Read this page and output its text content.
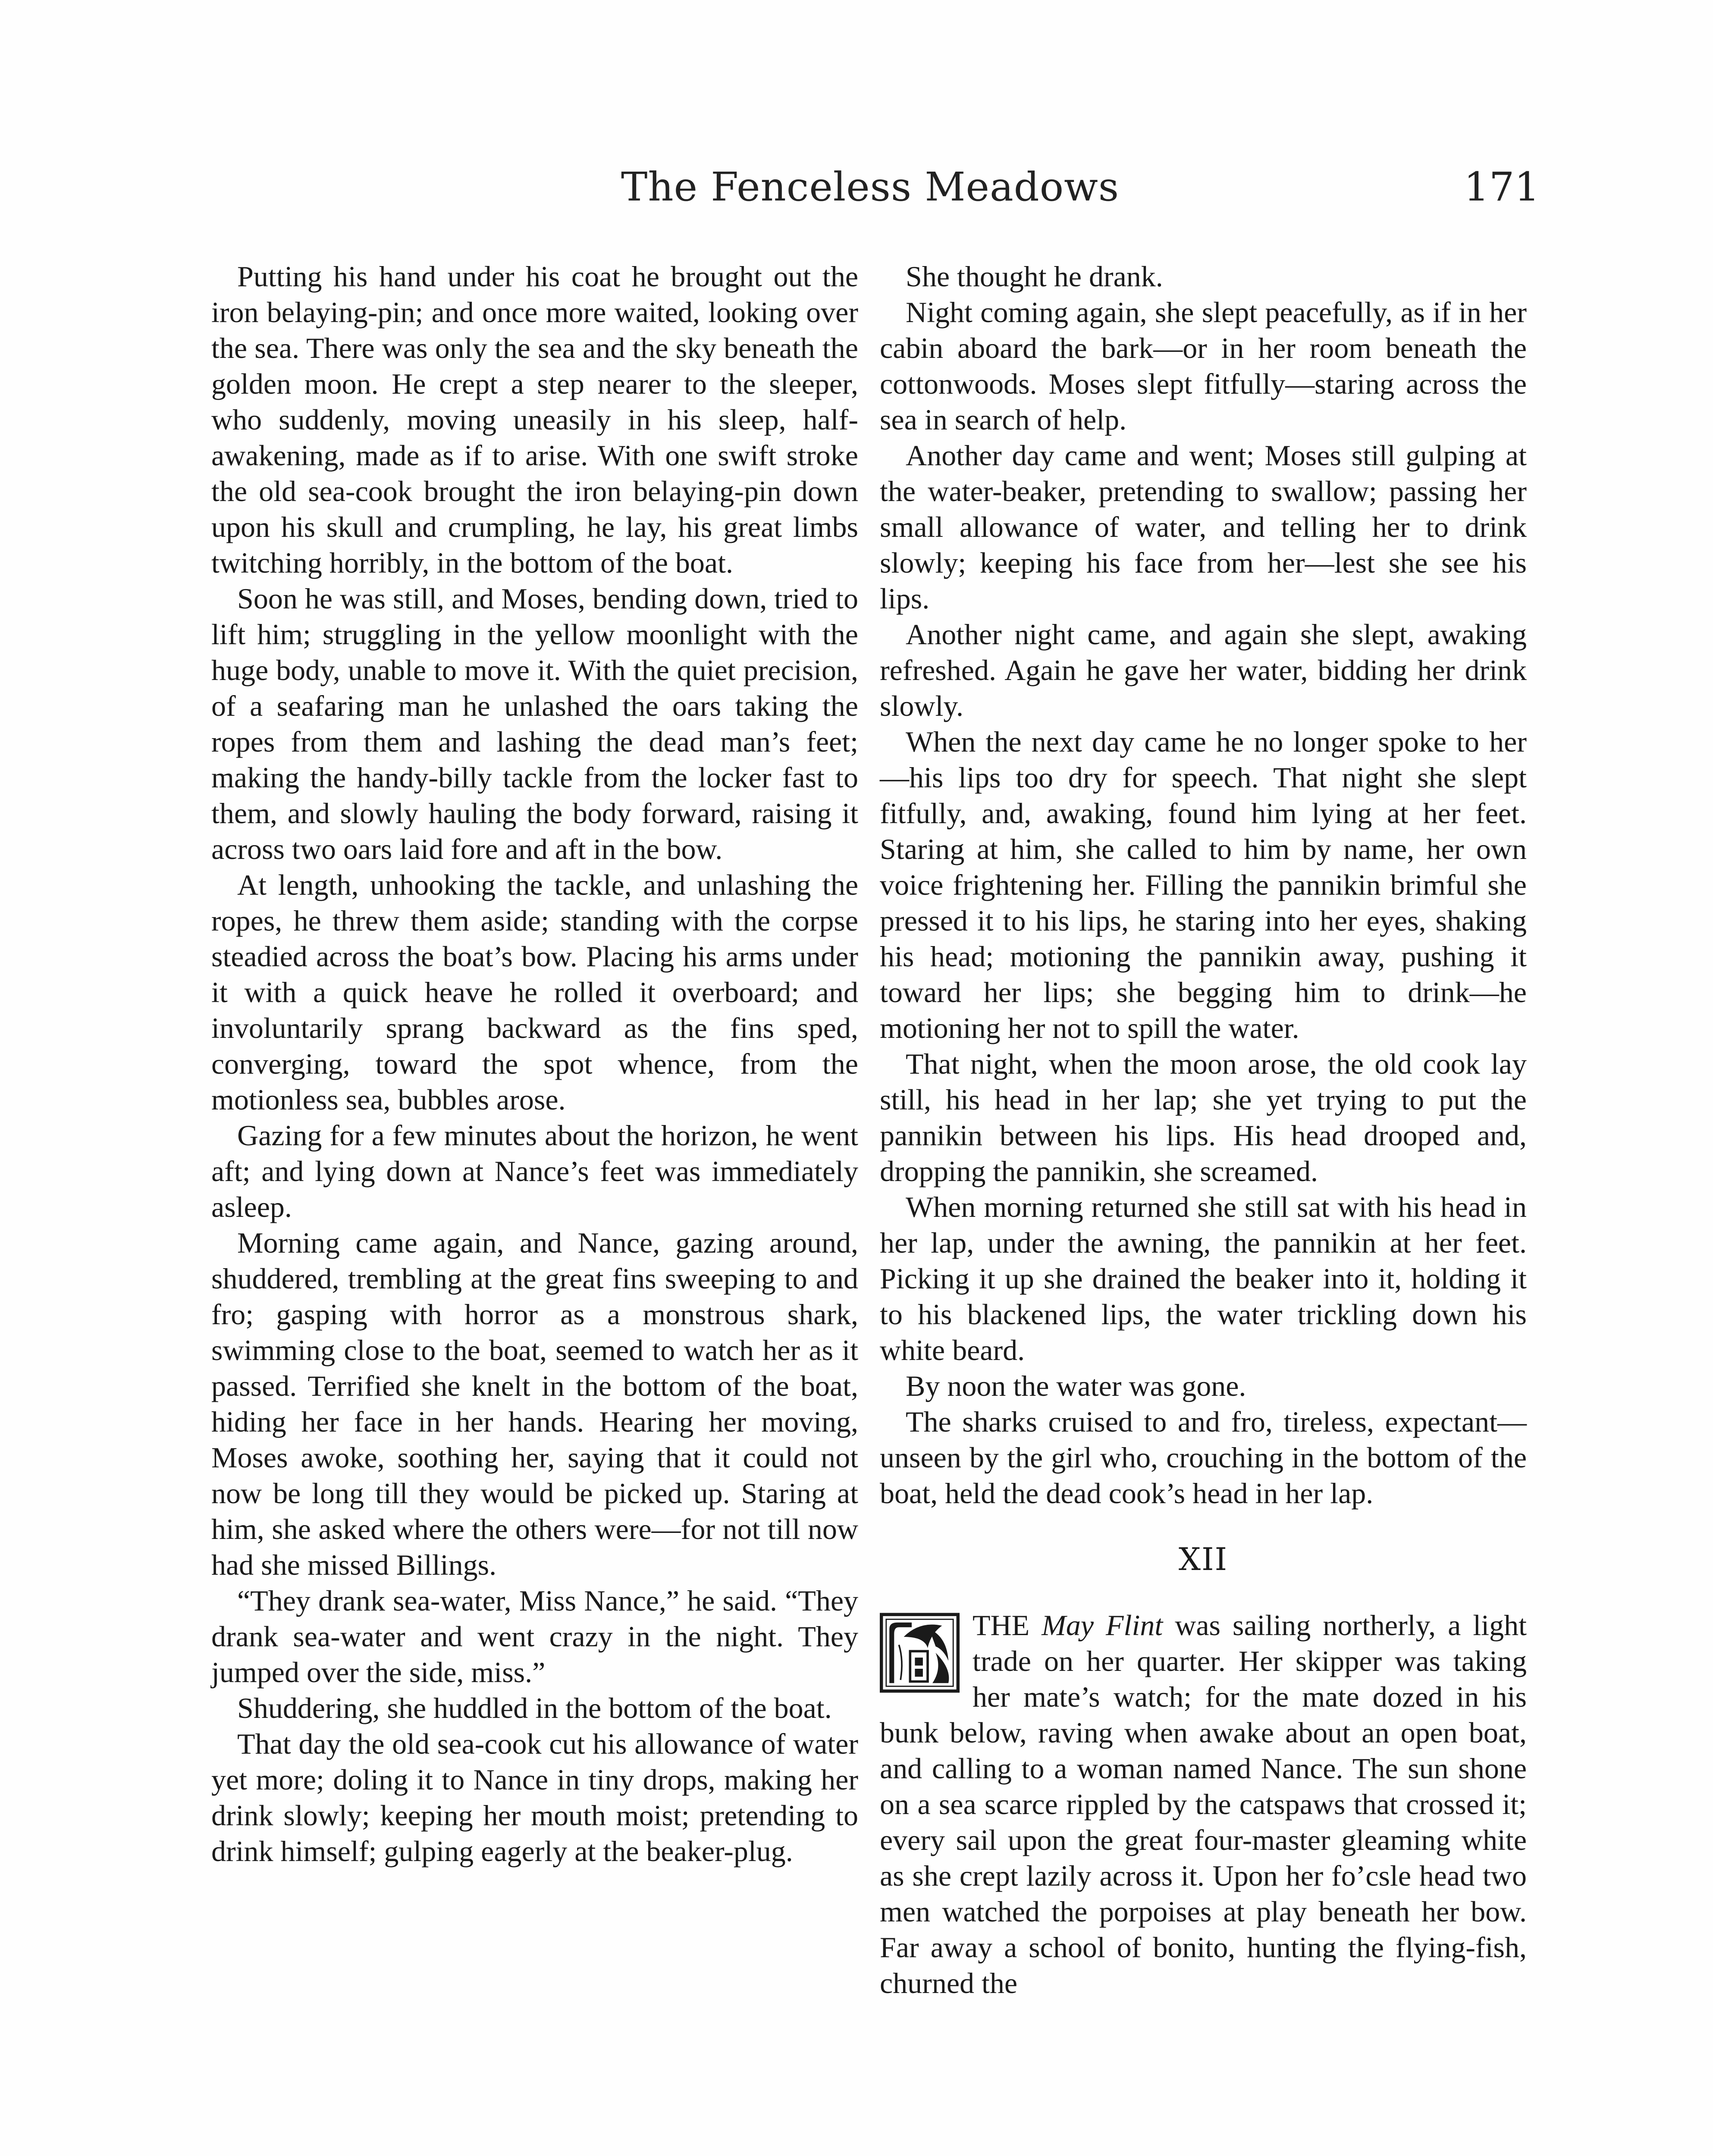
The Fenceless Meadows	171

Putting his hand under his coat he brought out the iron belaying-pin; and once more waited, looking over the sea. There was only the sea and the sky beneath the golden moon. He crept a step nearer to the sleeper, who suddenly, moving uneasily in his sleep, half-awakening, made as if to arise. With one swift stroke the old sea-cook brought the iron belaying-pin down upon his skull and crumpling, he lay, his great limbs twitching horribly, in the bottom of the boat.

Soon he was still, and Moses, bending down, tried to lift him; struggling in the yellow moonlight with the huge body, unable to move it. With the quiet precision, of a seafaring man he unlashed the oars taking the ropes from them and lashing the dead man’s feet; making the handy-billy tackle from the locker fast to them, and slowly hauling the body forward, raising it across two oars laid fore and aft in the bow.

At length, unhooking the tackle, and unlashing the ropes, he threw them aside; standing with the corpse steadied across the boat’s bow. Placing his arms under it with a quick heave he rolled it overboard; and involuntarily sprang backward as the fins sped, converging, toward the spot whence, from the motionless sea, bubbles arose.

Gazing for a few minutes about the horizon, he went aft; and lying down at Nance’s feet was immediately asleep.

Morning came again, and Nance, gazing around, shuddered, trembling at the great fins sweeping to and fro; gasping with horror as a monstrous shark, swimming close to the boat, seemed to watch her as it passed. Terrified she knelt in the bottom of the boat, hiding her face in her hands. Hearing her moving, Moses awoke, soothing her, saying that it could not now be long till they would be picked up. Staring at him, she asked where the others were—for not till now had she missed Billings.

“They drank sea-water, Miss Nance,” he said. “They drank sea-water and went crazy in the night. They jumped over the side, miss.”

Shuddering, she huddled in the bottom of the boat.

That day the old sea-cook cut his allowance of water yet more; doling it to Nance in tiny drops, making her drink slowly; keeping her mouth moist; pretending to drink himself; gulping eagerly at the beaker-plug.

She thought he drank.

Night coming again, she slept peacefully, as if in her cabin aboard the bark—or in her room beneath the cottonwoods. Moses slept fitfully—staring across the sea in search of help.

Another day came and went; Moses still gulping at the water-beaker, pretending to swallow; passing her small allowance of water, and telling her to drink slowly; keeping his face from her—lest she see his lips.

Another night came, and again she slept, awaking refreshed. Again he gave her water, bidding her drink slowly.

When the next day came he no longer spoke to her—his lips too dry for speech. That night she slept fitfully, and, awaking, found him lying at her feet. Staring at him, she called to him by name, her own voice frightening her. Filling the pannikin brimful she pressed it to his lips, he staring into her eyes, shaking his head; motioning the pannikin away, pushing it toward her lips; she begging him to drink—he motioning her not to spill the water.

That night, when the moon arose, the old cook lay still, his head in her lap; she yet trying to put the pannikin between his lips. His head drooped and, dropping the pannikin, she screamed.

When morning returned she still sat with his head in her lap, under the awning, the pannikin at her feet. Picking it up she drained the beaker into it, holding it to his blackened lips, the water trickling down his white beard.

By noon the water was gone.

The sharks cruised to and fro, tireless, expectant—unseen by the girl who, crouching in the bottom of the boat, held the dead cook’s head in her lap.

XII

THE May Flint was sailing northerly, a light trade on her quarter. Her skipper was taking her mate’s watch; for the mate dozed in his bunk below, raving when awake about an open boat, and calling to a woman named Nance. The sun shone on a sea scarce rippled by the catspaws that crossed it; every sail upon the great four-master gleaming white as she crept lazily across it. Upon her fo’csle head two men watched the porpoises at play beneath her bow. Far away a school of bonito, hunting the flying-fish, churned the
